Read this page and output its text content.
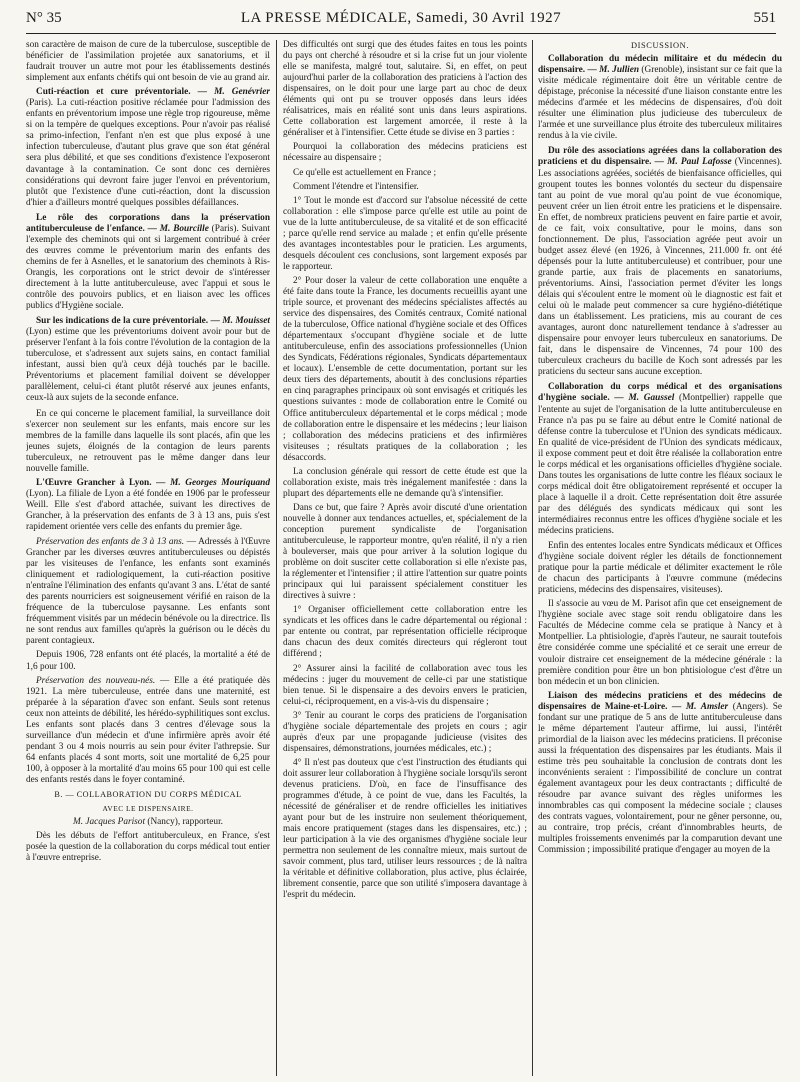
N° 35	LA PRESSE MÉDICALE, Samedi, 30 Avril 1927	551

son caractère de maison de cure de la tuberculose, susceptible de bénéficier de l'assimilation projetée aux sanatoriums, et il faudrait trouver un autre mot pour les établissements destinés simplement aux enfants chétifs qui ont besoin de vie au grand air.

Cuti-réaction et cure préventoriale. — M. Genévrier (Paris). La cuti-réaction positive réclamée pour l'admission des enfants en préventorium impose une règle trop rigoureuse, même si on la tempère de quelques exceptions. Pour n'avoir pas réalisé sa primo-infection, l'enfant n'en est que plus exposé à une infection tuberculeuse, d'autant plus grave que son état général sera plus débilité, et que ses conditions d'existence l'exposeront davantage à la contamination. Ce sont donc ces dernières considérations qui devront faire juger l'envoi en préventorium, plutôt que l'existence d'une cuti-réaction, dont la discussion d'hier a d'ailleurs montré quelques possibles défaillances.

Le rôle des corporations dans la préservation antituberculeuse de l'enfance. — M. Bourcille (Paris). Suivant l'exemple des cheminots qui ont si largement contribué à créer des œuvres comme le préventorium marin des enfants des chemins de fer à Asnelles, et le sanatorium des cheminots à Ris-Orangis, les corporations ont le strict devoir de s'intéresser directement à la lutte antituberculeuse, avec l'appui et sous le contrôle des pouvoirs publics, et en liaison avec les offices publics d'Hygiène sociale.

Sur les indications de la cure préventoriale. — M. Mouisset (Lyon) estime que les préventoriums doivent avoir pour but de préserver l'enfant à la fois contre l'évolution de la contagion de la tuberculose, et s'adressent aux sujets sains, en contact familial infestant, aussi bien qu'à ceux déjà touchés par le bacille. Préventoriums et placement familial doivent se développer parallèlement, celui-ci étant plutôt réservé aux jeunes enfants, ceux-là aux sujets de la seconde enfance.

En ce qui concerne le placement familial, la surveillance doit s'exercer non seulement sur les enfants, mais encore sur les membres de la famille dans laquelle ils sont placés, afin que les jeunes sujets, éloignés de la contagion de leurs parents tuberculeux, ne retrouvent pas le même danger dans leur nouvelle famille.

L'Œuvre Grancher à Lyon. — M. Georges Mouriquand (Lyon). La filiale de Lyon a été fondée en 1906 par le professeur Weill. Elle s'est d'abord attachée, suivant les directives de Grancher, à la préservation des enfants de 3 à 13 ans, puis s'est rapidement orientée vers celle des enfants du premier âge.

Préservation des enfants de 3 à 13 ans. — Adressés à l'Œuvre Grancher par les diverses œuvres antituberculeuses ou dépistés par les visiteuses de l'enfance, les enfants sont examinés cliniquement et radiologiquement, la cuti-réaction positive n'entraîne l'élimination des enfants qu'avant 3 ans. L'état de santé des parents nourriciers est soigneusement vérifié en raison de la fréquence de la tuberculose paysanne. Les enfants sont fréquemment visités par un médecin bénévole ou la directrice. Ils ne sont rendus aux familles qu'après la guérison ou le décès du parent contagieux.

Depuis 1906, 728 enfants ont été placés, la mortalité a été de 1,6 pour 100.

Préservation des nouveau-nés. — Elle a été pratiquée dès 1921. La mère tuberculeuse, entrée dans une maternité, est préparée à la séparation d'avec son enfant. Seuls sont retenus ceux non atteints de débilité, les hérédo-syphilitiques sont exclus. Les enfants sont placés dans 3 centres d'élevage sous la surveillance d'un médecin et d'une infirmière après avoir été pendant 3 ou 4 mois nourris au sein pour éviter l'athrepsie. Sur 64 enfants placés 4 sont morts, soit une mortalité de 6,25 pour 100, à opposer à la mortalité d'au moins 65 pour 100 qui est celle des enfants restés dans le foyer contaminé.

B. — COLLABORATION DU CORPS MÉDICAL

AVEC LE DISPENSAIRE.

M. Jacques Parisot (Nancy), rapporteur.

Dès les débuts de l'effort antituberculeux, en France, s'est posée la question de la collaboration du corps médical tout entier à l'œuvre entreprise.

Des difficultés ont surgi que des études faites en tous les points du pays ont cherché à résoudre et si la crise fut un jour violente elle se manifesta, malgré tout, salutaire. Si, en effet, on peut aujourd'hui parler de la collaboration des praticiens à l'action des dispensaires, on le doit pour une large part au choc de deux éléments qui ont pu se trouver opposés dans leurs idées réalisatrices, mais en réalité sont unis dans leurs aspirations. Cette collaboration est largement amorcée, il reste à la généraliser et à l'intensifier. Cette étude se divise en 3 parties :

Pourquoi la collaboration des médecins praticiens est nécessaire au dispensaire ;

Ce qu'elle est actuellement en France ;

Comment l'étendre et l'intensifier.

1° Tout le monde est d'accord sur l'absolue nécessité de cette collaboration : elle s'impose parce qu'elle est utile au point de vue de la lutte antituberculeuse, de sa vitalité et de son efficacité ; parce qu'elle rend service au malade ; et enfin qu'elle présente des avantages incontestables pour le praticien. Les arguments, desquels découlent ces conclusions, sont largement exposés par le rapporteur.

2° Pour doser la valeur de cette collaboration une enquête a été faite dans toute la France, les documents recueillis ayant une triple source, et provenant des médecins spécialistes affectés au service des dispensaires, des Comités centraux, Comité national de la tuberculose, Office national d'hygiène sociale et des Offices départementaux s'occupant d'hygiène sociale et de lutte antituberculeuse, enfin des associations professionnelles (Union des Syndicats, Fédérations régionales, Syndicats départementaux et locaux). L'ensemble de cette documentation, portant sur les deux tiers des départements, aboutit à des conclusions réparties en cinq paragraphes principaux où sont envisagés et critiqués les questions suivantes : mode de collaboration entre le Comité ou Office antituberculeux départemental et le corps médical ; mode de collaboration entre le dispensaire et les médecins ; leur liaison ; collaboration des médecins praticiens et des infirmières visiteuses ; résultats pratiques de la collaboration ; les désaccords.

La conclusion générale qui ressort de cette étude est que la collaboration existe, mais très inégalement manifestée : dans la plupart des départements elle ne demande qu'à s'intensifier.

Dans ce but, que faire ? Après avoir discuté d'une orientation nouvelle à donner aux tendances actuelles, et, spécialement de la conception purement syndicaliste de l'organisation antituberculeuse, le rapporteur montre, qu'en réalité, il n'y a rien à bouleverser, mais que pour arriver à la solution logique du problème on doit susciter cette collaboration si elle n'existe pas, la réglementer et l'intensifier ; il attire l'attention sur quatre points principaux qui lui paraissent spécialement constituer les directives à suivre :

1° Organiser officiellement cette collaboration entre les syndicats et les offices dans le cadre départemental ou régional : par entente ou contrat, par représentation officielle réciproque dans chacun des deux comités directeurs qui régleront tout différend ;

2° Assurer ainsi la facilité de collaboration avec tous les médecins : juger du mouvement de celle-ci par une statistique bien tenue. Si le dispensaire a des devoirs envers le praticien, celui-ci, réciproquement, en a vis-à-vis du dispensaire ;

3° Tenir au courant le corps des praticiens de l'organisation d'hygiène sociale départementale des projets en cours ; agir auprès d'eux par une propagande judicieuse (visites des dispensaires, démonstrations, journées médicales, etc.) ;

4° Il n'est pas douteux que c'est l'instruction des étudiants qui doit assurer leur collaboration à l'hygiène sociale lorsqu'ils seront devenus praticiens. D'où, en face de l'insuffisance des programmes d'étude, à ce point de vue, dans les Facultés, la nécessité de généraliser et de rendre officielles les initiatives ayant pour but de les instruire non seulement théoriquement, mais encore pratiquement (stages dans les dispensaires, etc.) ; leur participation à la vie des organismes d'hygiène sociale leur permettra non seulement de les connaître mieux, mais surtout de savoir comment, plus tard, utiliser leurs ressources ; de là naîtra la véritable et définitive collaboration, plus active, plus éclairée, librement consentie, parce que son utilité s'imposera davantage à l'esprit du médecin.

DISCUSSION.

Collaboration du médecin militaire et du médecin du dispensaire. — M. Jullien (Grenoble), insistant sur ce fait que la visite médicale régimentaire doit être un véritable centre de dépistage, préconise la nécessité d'une liaison constante entre les médecins d'armée et les médecins de dispensaires, d'où doit résulter une élimination plus judicieuse des tuberculeux de l'armée et une surveillance plus étroite des tuberculeux militaires rendus à la vie civile.

Du rôle des associations agréées dans la collaboration des praticiens et du dispensaire. — M. Paul Lafosse (Vincennes). Les associations agréées, sociétés de bienfaisance officielles, qui groupent toutes les bonnes volontés du secteur du dispensaire tant au point de vue moral qu'au point de vue économique, peuvent créer un lien étroit entre les praticiens et le dispensaire. En effet, de nombreux praticiens peuvent en faire partie et avoir, de ce fait, voix consultative, pour le moins, dans son fonctionnement. De plus, l'association agréée peut avoir un budget assez élevé (en 1926, à Vincennes, 211.000 fr. ont été dépensés pour la lutte antituberculeuse) et contribuer, pour une grande partie, aux frais de placements en sanatoriums, préventoriums. Ainsi, l'association permet d'éviter les longs délais qui s'écoulent entre le moment où le diagnostic est fait et celui où le malade peut commencer sa cure hygiéno-diététique dans un établissement. Les praticiens, mis au courant de ces avantages, auront donc naturellement tendance à s'adresser au dispensaire pour envoyer leurs tuberculeux en sanatoriums. De fait, dans le dispensaire de Vincennes, 74 pour 100 des tuberculeux cracheurs du bacille de Koch sont adressés par les praticiens du secteur sans aucune exception.

Collaboration du corps médical et des organisations d'hygiène sociale. — M. Gaussel (Montpellier) rappelle que l'entente au sujet de l'organisation de la lutte antituberculeuse en France n'a pas pu se faire au début entre le Comité national de défense contre la tuberculose et l'Union des syndicats médicaux. En qualité de vice-président de l'Union des syndicats médicaux, il expose comment peut et doit être réalisée la collaboration entre le corps médical et les organisations officielles d'hygiène sociale. Dans toutes les organisations de lutte contre les fléaux sociaux le corps médical doit être obligatoirement représenté et occuper la place à laquelle il a droit. Cette représentation doit être assurée par des délégués des syndicats médicaux qui sont les intermédiaires reconnus entre les offices d'hygiène sociale et les médecins praticiens.

Enfin des ententes locales entre Syndicats médicaux et Offices d'hygiène sociale doivent régler les détails de fonctionnement pratique pour la partie médicale et délimiter exactement le rôle de chacun des participants à l'œuvre commune (médecins praticiens, médecins des dispensaires, visiteuses).

Il s'associe au vœu de M. Parisot afin que cet enseignement de l'hygiène sociale avec stage soit rendu obligatoire dans les Facultés de Médecine comme cela se pratique à Nancy et à Montpellier. La phtisiologie, d'après l'auteur, ne saurait toutefois être considérée comme une spécialité et ce serait une erreur de vouloir distraire cet enseignement de la médecine générale : la première condition pour être un bon phtisiologue c'est d'être un bon médecin et un bon clinicien.

Liaison des médecins praticiens et des médecins de dispensaires de Maine-et-Loire. — M. Amsler (Angers). Se fondant sur une pratique de 5 ans de lutte antituberculeuse dans le même département l'auteur affirme, lui aussi, l'intérêt primordial de la liaison avec les médecins praticiens. Il préconise aussi la fréquentation des dispensaires par les étudiants. Mais il estime très peu souhaitable la conclusion de contrats dont les inconvénients seraient : l'impossibilité de conclure un contrat également avantageux pour les deux contractants ; difficulté de résoudre par avance suivant des règles uniformes les innombrables cas qui composent la médecine sociale ; clauses des contrats vagues, volontairement, pour ne gêner personne, ou, au contraire, trop précis, créant d'innombrables heurts, de multiples froissements envenimés par la comparution devant une Commission ; impossibilité pratique d'engager au moyen de la
